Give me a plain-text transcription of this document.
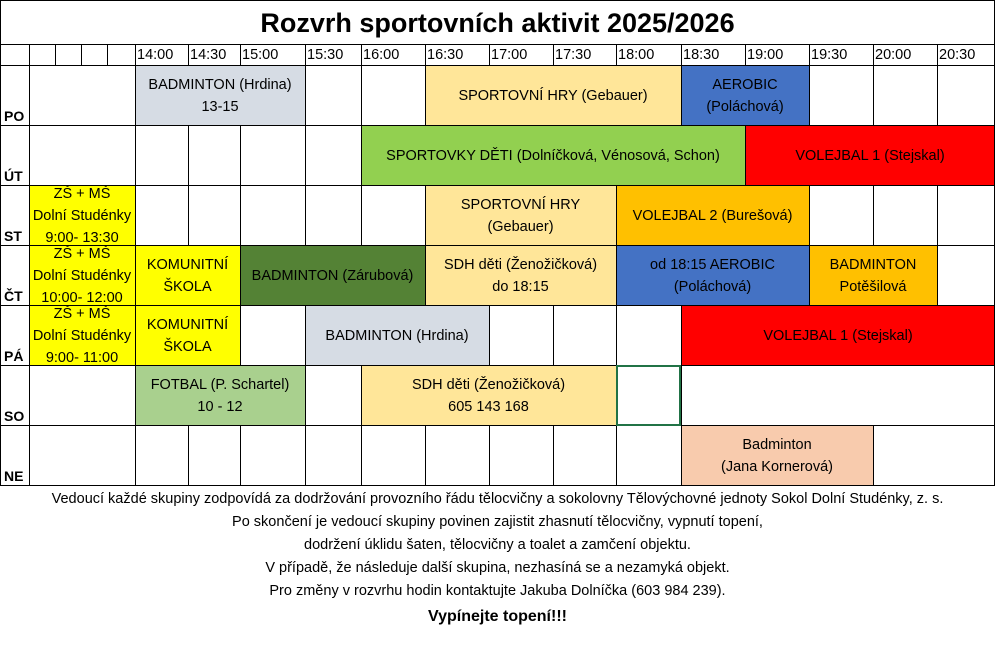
BADMINTON (Hrdina)
13-15
SPORTOVNÍ HRY (Gebauer)
AEROBIC
(Poláchová)
SPORTOVKY DĚTI (Dolníčková, Vénosová, Schon)	VOLEJBAL 1 (Stejskal)
ZŠ + MŠ
Dolní Studénky
9:00- 13:30
SPORTOVNÍ HRY
(Gebauer)
VOLEJBAL 2 (Burešová)
ZŠ + MŠ
Dolní Studénky
10:00- 12:00
KOMUNITNÍ
ŠKOLA
BADMINTON (Zárubová)
SDH děti (Ženožičková)
do 18:15
od 18:15 AEROBIC
(Poláchová)
BADMINTON
Potěšilová
ZŠ + MŠ
Dolní Studénky
9:00- 11:00
KOMUNITNÍ
ŠKOLA
BADMINTON (Hrdina)	VOLEJBAL 1 (Stejskal)
FOTBAL (P. Schartel)
10 - 12
SDH děti (Ženožičková)
605 143 168
Badminton
(Jana Kornerová)
Rozvrh sportovních aktivit 2025/2026
14:00 14:30 15:00 15:30 16:00 16:30 17:00 17:30 18:00 18:30 19:00 19:30 20:00 20:30
PO
ÚT
ST
ČT
PÁ
SO
NE
Vedoucí každé skupiny zodpovídá za dodržování provozního řádu tělocvičny a sokolovny Tělovýchovné jednoty Sokol Dolní Studénky, z. s.
Po skončení je vedoucí skupiny povinen zajistit zhasnutí tělocvičny, vypnutí topení,
dodržení úklidu šaten, tělocvičny a toalet a zamčení objektu.
V případě, že následuje další skupina, nezhasíná se a nezamyká objekt.
Pro změny v rozvrhu hodin kontaktujte Jakuba Dolníčka (603 984 239).
Vypínejte topení!!!
